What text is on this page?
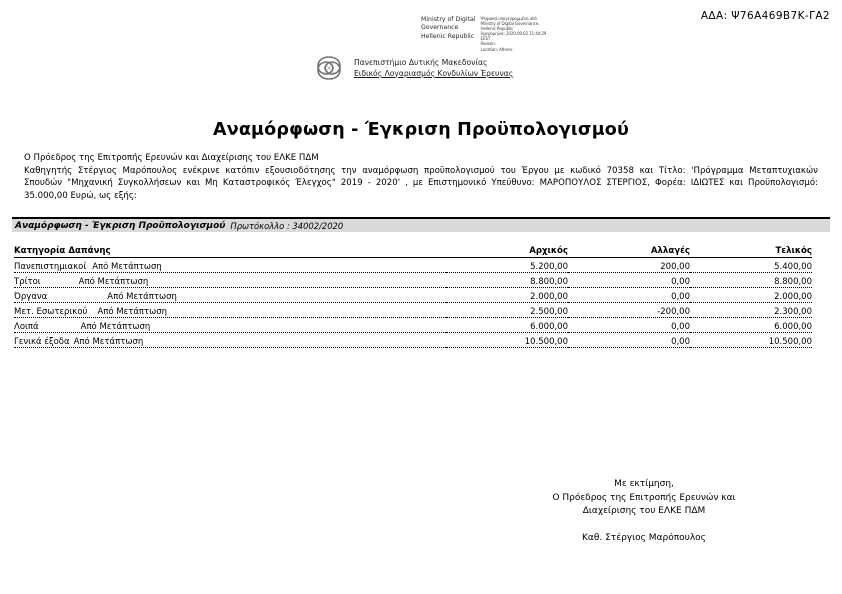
ΑΔΑ: Ψ76Α469Β7Κ-ΓΑ2
Ministry of Digital
Governance
Hellenic Republic
Ψηφιακά υπογεγραμμένο από
Ministry of Digital Governance,
Hellenic Republic
Ημερομηνία: 2020.09.02 11:44:29
EEST
Reason:
Location: Athens
Πανεπιστήμιο Δυτικής Μακεδονίας
Ειδικός Λογαριασμός Κονδυλίων Έρευνας
Αναμόρφωση - Έγκριση Προϋπολογισμού
Ο Πρόεδρος της Επιτροπής Ερευνών και Διαχείρισης του ΕΛΚΕ ΠΔΜ
Καθηγητής Στέργιος Μαρόπουλος ενέκρινε κατόπιν εξουσιοδότησης την αναμόρφωση προϋπολογισμού του Έργου με κωδικό 70358 και Τίτλο: 'Πρόγραμμα Μεταπτυχιακών
Σπουδών "Μηχανική Συγκολλήσεων και Μη Καταστροφικός Έλεγχος" 2019 - 2020' , με Επιστημονικό Υπεύθυνο: ΜΑΡΟΠΟΥΛΟΣ ΣΤΕΡΓΙΟΣ, Φορέα: ΙΔΙΩΤΕΣ και Προϋπολογισμό:
35.000,00 Ευρώ, ως εξής:
Αναμόρφωση - Έγκριση Προϋπολογισμού Πρωτόκολλο : 34002/2020
Κατηγορία Δαπάνης	Αρχικός	Αλλαγές	Τελικός
Πανεπιστημιακοί Από Μετάπτωση	5.200,00	200,00	5.400,00
Τρίτοι Από Μετάπτωση	8.800,00	0,00	8.800,00
Όργανα Από Μετάπτωση	2.000,00	0,00	2.000,00
Μετ. Εσωτερικού Από Μετάπτωση	2.500,00	-200,00	2.300,00
Λοιπά Από Μετάπτωση	6.000,00	0,00	6.000,00
Γενικά έξοδα Από Μετάπτωση	10.500,00	0,00	10.500,00
Με εκτίμηση,
Ο Πρόεδρος της Επιτροπής Ερευνών και
Διαχείρισης του ΕΛΚΕ ΠΔΜ
Καθ. Στέργιος Μαρόπουλος
